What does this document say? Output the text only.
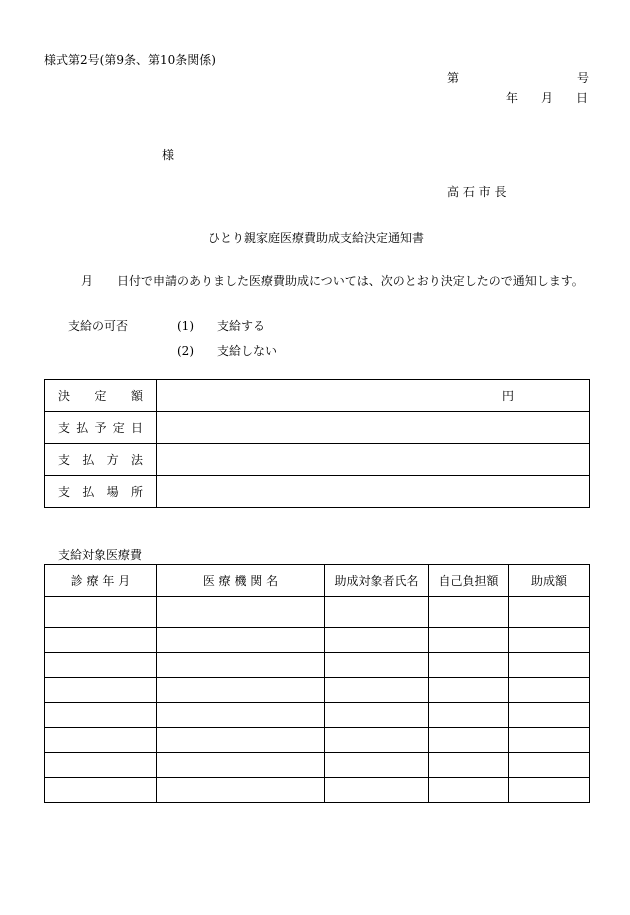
様式第2号(第9条、第10条関係)
第	号
年 月 日
様
高 石 市 長
ひとり親家庭医療費助成支給決定通知書
月 日付で申請のありました医療費助成については、次のとおり決定したので通知します。
支給の可否	(1) 支給する
(2) 支給しない
決定額	円

支払予定日	
支払方法	
支払場所	
支給対象医療費
診 療 年 月	医 療 機 関 名	助成対象者氏名	自己負担額	助成額
